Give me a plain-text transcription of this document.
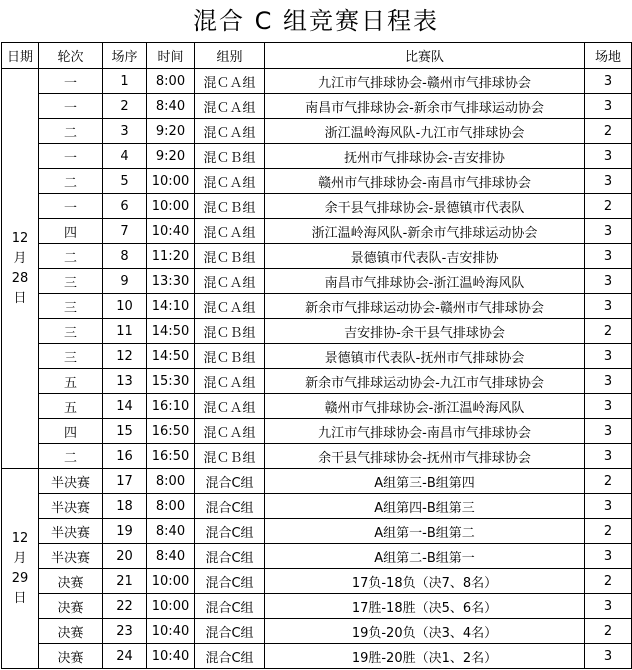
混合 C 组竞赛日程表
日期	轮次	场序	时间	组别	比赛队	场地

12
月
28
日	一	1	8:00	混ＣＡ组	九江市气排球协会-赣州市气排球协会	3
	一	2	8:40	混ＣＡ组	南昌市气排球协会-新余市气排球运动协会	3
	二	3	9:20	混ＣＡ组	浙江温岭海风队-九江市气排球协会	2
	一	4	9:20	混ＣＢ组	抚州市气排球协会-吉安排协	3
	二	5	10:00	混ＣＡ组	赣州市气排球协会-南昌市气排球协会	3
	一	6	10:00	混ＣＢ组	余干县气排球协会-景德镇市代表队	2
	四	7	10:40	混ＣＡ组	浙江温岭海风队-新余市气排球运动协会	3
	二	8	11:20	混ＣＢ组	景德镇市代表队-吉安排协	3
	三	9	13:30	混ＣＡ组	南昌市气排球协会-浙江温岭海风队	3
	三	10	14:10	混ＣＡ组	新余市气排球运动协会-赣州市气排球协会	3
	三	11	14:50	混ＣＢ组	吉安排协-余干县气排球协会	2
	三	12	14:50	混ＣＢ组	景德镇市代表队-抚州市气排球协会	3
	五	13	15:30	混ＣＡ组	新余市气排球运动协会-九江市气排球协会	3
	五	14	16:10	混ＣＡ组	赣州市气排球协会-浙江温岭海风队	3
	四	15	16:50	混ＣＡ组	九江市气排球协会-南昌市气排球协会	3
	二	16	16:50	混ＣＢ组	余干县气排球协会-抚州市气排球协会	3

12
月
29
日	半决赛	17	8:00	混合C组	A组第三-B组第四	2
	半决赛	18	8:00	混合C组	A组第四-B组第三	3
	半决赛	19	8:40	混合C组	A组第一-B组第二	2
	半决赛	20	8:40	混合C组	A组第二-B组第一	3
	决赛	21	10:00	混合C组	17负-18负（决7、8名）	2
	决赛	22	10:00	混合C组	17胜-18胜（决5、6名）	3
	决赛	23	10:40	混合C组	19负-20负（决3、4名）	2
	决赛	24	10:40	混合C组	19胜-20胜（决1、2名）	3
